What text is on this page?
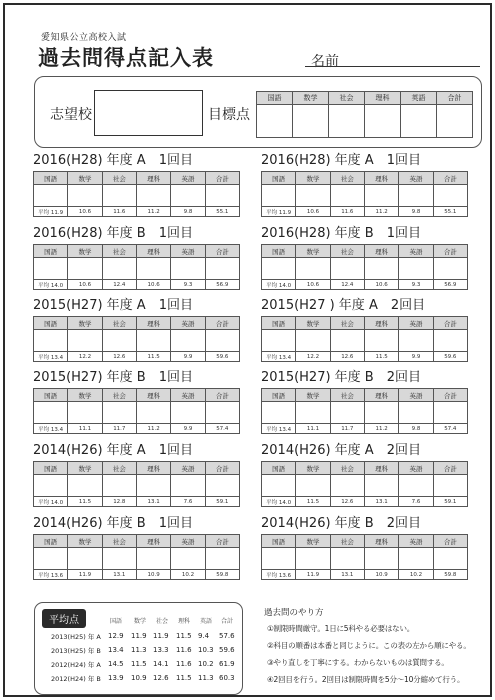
愛知県公立高校入試
過去問得点記入表	名前
志望校	目標点
国語	数学	社会	理科	英語	合計

2016(H28) 年度 A　1回目
国語	数学	社会	理科	英語	合計

平均 11.9	10.6	11.6	11.2	9.8	55.1
2016(H28) 年度 A　1回目
国語	数学	社会	理科	英語	合計

平均 11.9	10.6	11.6	11.2	9.8	55.1
2016(H28) 年度 B　1回目
国語	数学	社会	理科	英語	合計

平均 14.0	10.6	12.4	10.6	9.3	56.9
2016(H28) 年度 B　1回目
国語	数学	社会	理科	英語	合計

平均 14.0	10.6	12.4	10.6	9.3	56.9
2015(H27) 年度 A　1回目
国語	数学	社会	理科	英語	合計

平均 13.4	12.2	12.6	11.5	9.9	59.6
2015(H27 ) 年度 A　2回目
国語	数学	社会	理科	英語	合計

平均 13.4	12.2	12.6	11.5	9.9	59.6
2015(H27) 年度 B　1回目
国語	数学	社会	理科	英語	合計

平均 13.4	11.1	11.7	11.2	9.9	57.4
2015(H27) 年度 B　2回目
国語	数学	社会	理科	英語	合計

平均 13.4	11.1	11.7	11.2	9.8	57.4
2014(H26) 年度 A　1回目
国語	数学	社会	理科	英語	合計

平均 14.0	11.5	12.8	13.1	7.6	59.1
2014(H26) 年度 A　2回目
国語	数学	社会	理科	英語	合計

平均 14.0	11.5	12.6	13.1	7.6	59.1
2014(H26) 年度 B　1回目
国語	数学	社会	理科	英語	合計

平均 13.6	11.9	13.1	10.9	10.2	59.8
2014(H26) 年度 B　2回目
国語	数学	社会	理科	英語	合計

平均 13.6	11.9	13.1	10.9	10.2	59.8
平均点	国語 数学 社会 理科 英語 合計
2013(H25) 年 A 12.9 11.9 11.9 11.5 9.4 57.6
2013(H25) 年 B 13.4 11.3 13.3 11.6 10.3 59.6
2012(H24) 年 A 14.5 11.5 14.1 11.6 10.2 61.9
2012(H24) 年 B 13.9 10.9 12.6 11.5 11.3 60.3
過去問のやり方
①制限時間厳守。1日に5科やる必要はない。
②科目の順番は本番と同じように。この表の左から順にやる。
③やり直しを丁寧にする。わからないものは質問する。
④2回目を行う。2回目は制限時間を5分～10分縮めて行う。
